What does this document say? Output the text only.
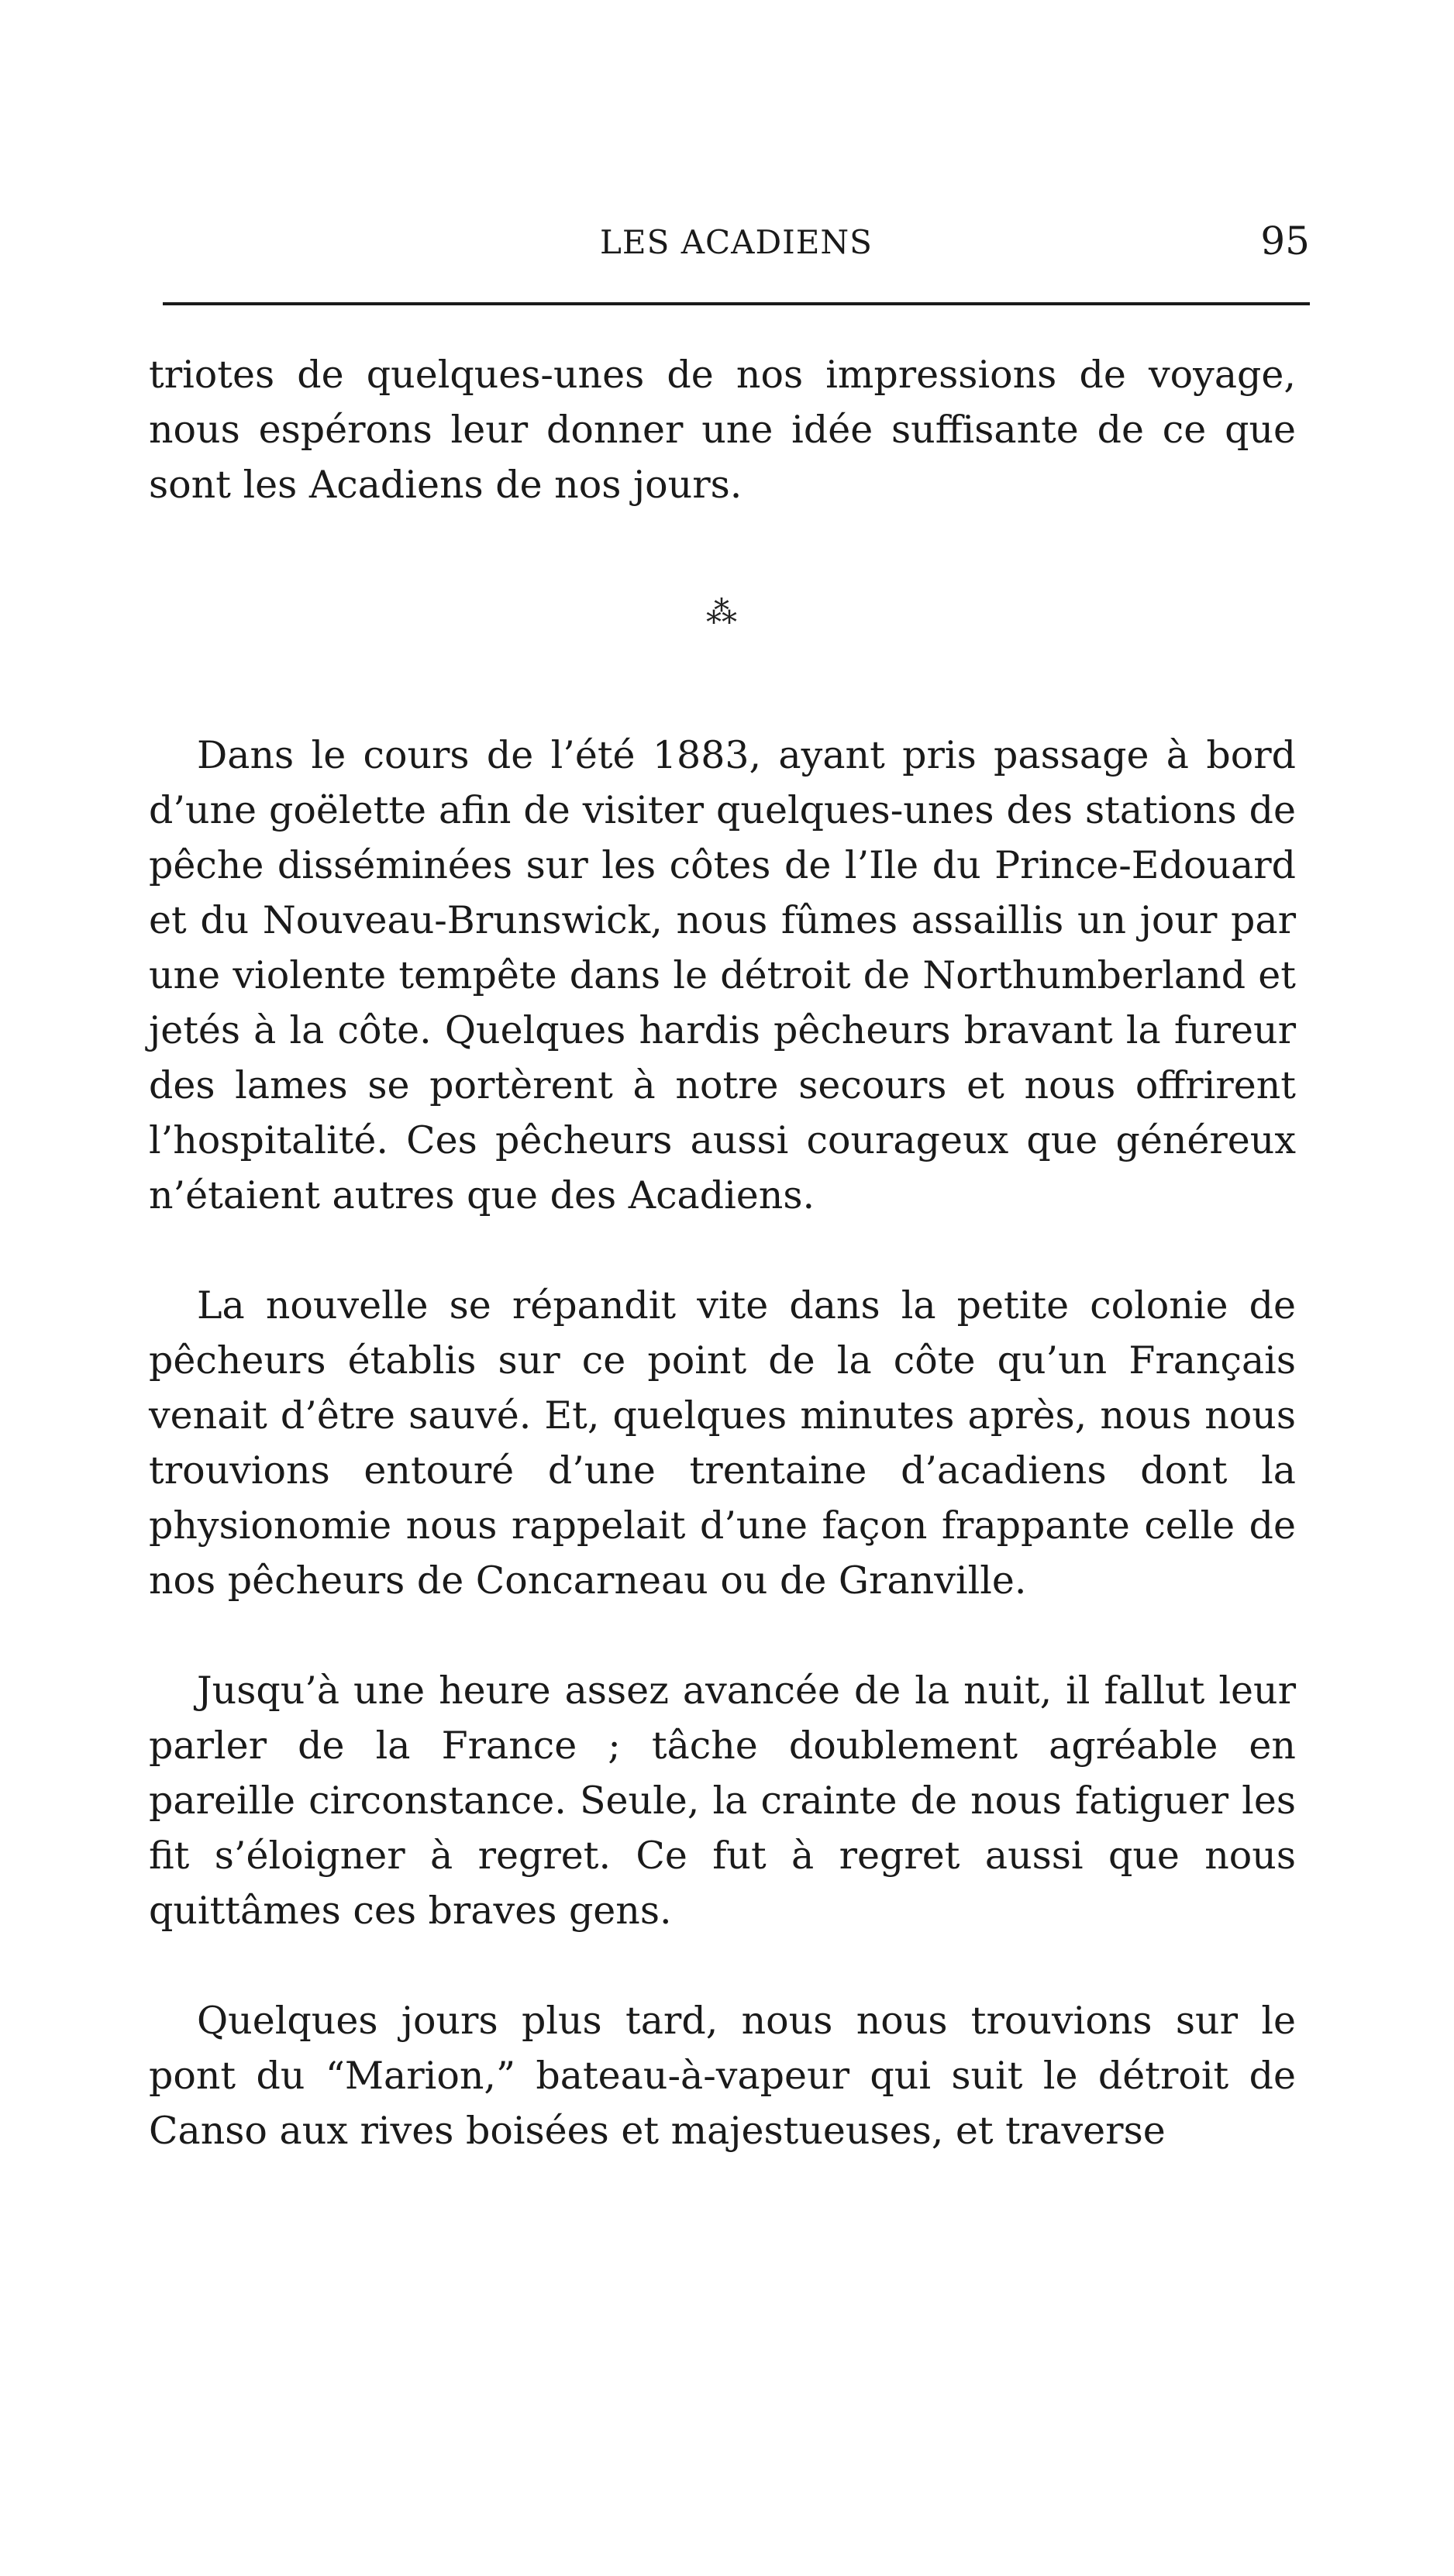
LES ACADIENS	95

triotes de quelques-unes de nos impressions de voyage, nous espérons leur donner une idée suffisante de ce que sont les Acadiens de nos jours.

⁂

Dans le cours de l’été 1883, ayant pris passage à bord d’une goëlette afin de visiter quelques-unes des stations de pêche disséminées sur les côtes de l’Ile du Prince-Edouard et du Nouveau-Brunswick, nous fûmes assaillis un jour par une violente tempête dans le détroit de Northumberland et jetés à la côte. Quelques hardis pêcheurs bravant la fureur des lames se portèrent à notre secours et nous offrirent l’hospitalité. Ces pêcheurs aussi courageux que généreux n’étaient autres que des Acadiens.

La nouvelle se répandit vite dans la petite colonie de pêcheurs établis sur ce point de la côte qu’un Français venait d’être sauvé. Et, quelques minutes après, nous nous trouvions entouré d’une trentaine d’acadiens dont la physionomie nous rappelait d’une façon frappante celle de nos pêcheurs de Concarneau ou de Granville.

Jusqu’à une heure assez avancée de la nuit, il fallut leur parler de la France ; tâche doublement agréable en pareille circonstance. Seule, la crainte de nous fatiguer les fit s’éloigner à regret. Ce fut à regret aussi que nous quittâmes ces braves gens.

Quelques jours plus tard, nous nous trouvions sur le pont du “Marion,” bateau-à-vapeur qui suit le détroit de Canso aux rives boisées et majestueuses, et traverse
